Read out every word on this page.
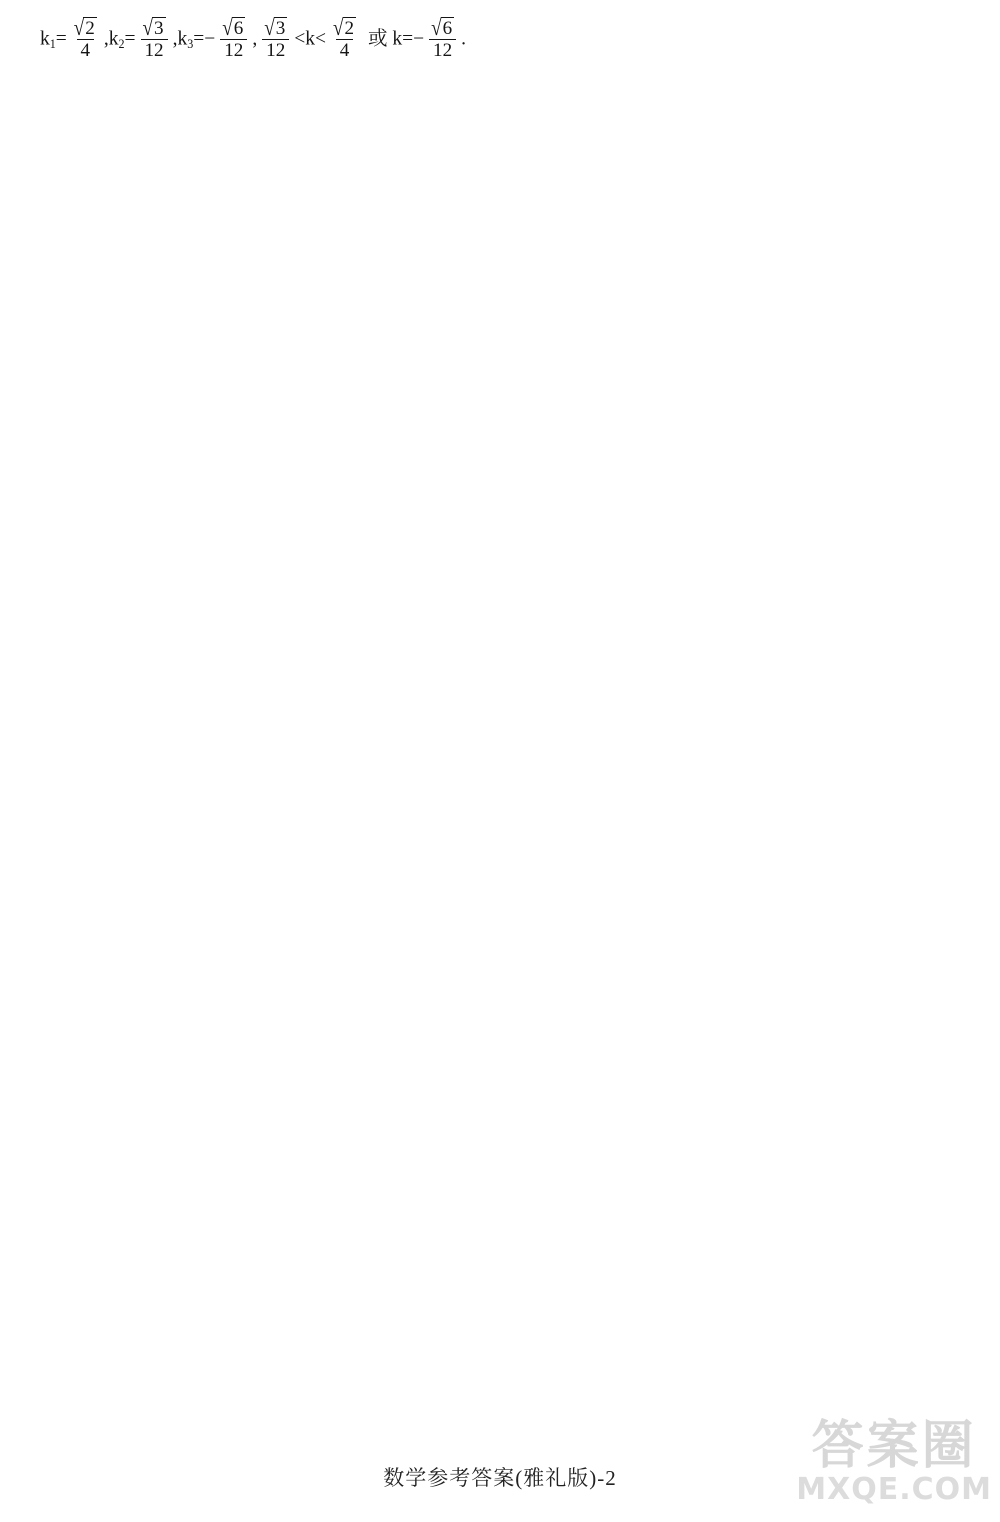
$k_1= \frac{√2}{4} ,k_2= \frac{√3}{12} ,k_3=- \frac{√6}{12}$ , $\frac{√3}{12} <k< \frac{√2}{4}$ 或 $k=- \frac{√6}{12}$ .
数学参考答案(雅礼版)-2
答案圈
MXQE.COM
